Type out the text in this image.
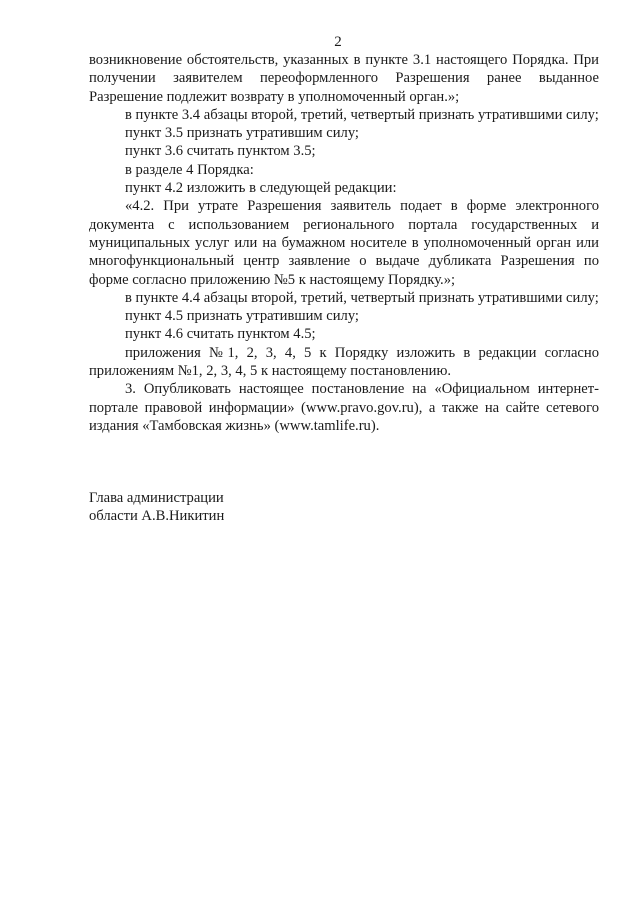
2

возникновение обстоятельств, указанных в пункте 3.1 настоящего Порядка. При получении заявителем переоформленного Разрешения ранее выданное Разрешение подлежит возврату в уполномоченный орган.»;

в пункте 3.4 абзацы второй, третий, четвертый признать утратившими силу;

пункт 3.5 признать утратившим силу;

пункт 3.6 считать пунктом 3.5;

в разделе 4 Порядка:

пункт 4.2 изложить в следующей редакции:

«4.2. При утрате Разрешения заявитель подает в форме электронного документа с использованием регионального портала государственных и муниципальных услуг или на бумажном носителе в уполномоченный орган или многофункциональный центр заявление о выдаче дубликата Разрешения по форме согласно приложению №5 к настоящему Порядку.»;

в пункте 4.4 абзацы второй, третий, четвертый признать утратившими силу;

пункт 4.5 признать утратившим силу;

пункт 4.6 считать пунктом 4.5;

приложения №1, 2, 3, 4, 5 к Порядку изложить в редакции согласно приложениям №1, 2, 3, 4, 5 к настоящему постановлению.

3. Опубликовать настоящее постановление на «Официальном интернет-портале правовой информации» (www.pravo.gov.ru), а также на сайте сетевого издания «Тамбовская жизнь» (www.tamlife.ru).

Глава администрации

области А.В.Никитин
